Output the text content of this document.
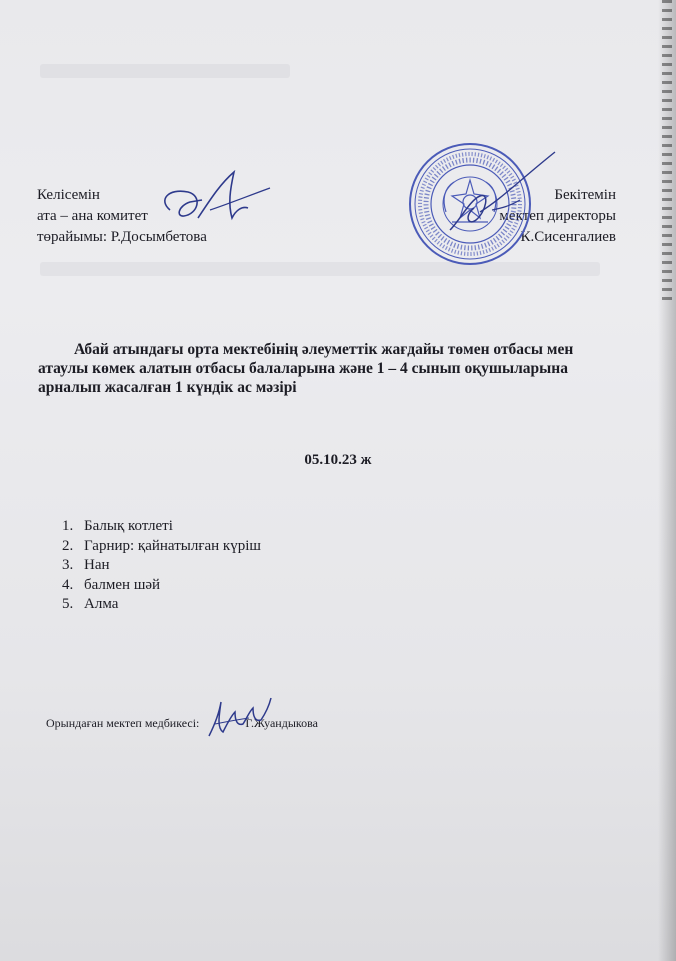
Келісемін
ата – ана комитет
төрайымы: Р.Досымбетова
Бекітемін
мектеп директоры
К.Сисенгалиев
Абай атындағы орта мектебінің әлеуметтік жағдайы төмен отбасы мен
атаулы көмек алатын отбасы балаларына және 1 – 4 сынып оқушыларына
арналып жасалған 1 күндік ас мәзірі
05.10.23 ж
1. Балық котлеті
2. Гарнир: қайнатылған күріш
3. Нан
4. балмен шәй
5. Алма
Орындаған мектеп медбикесі:	Г.Жуандыкова
